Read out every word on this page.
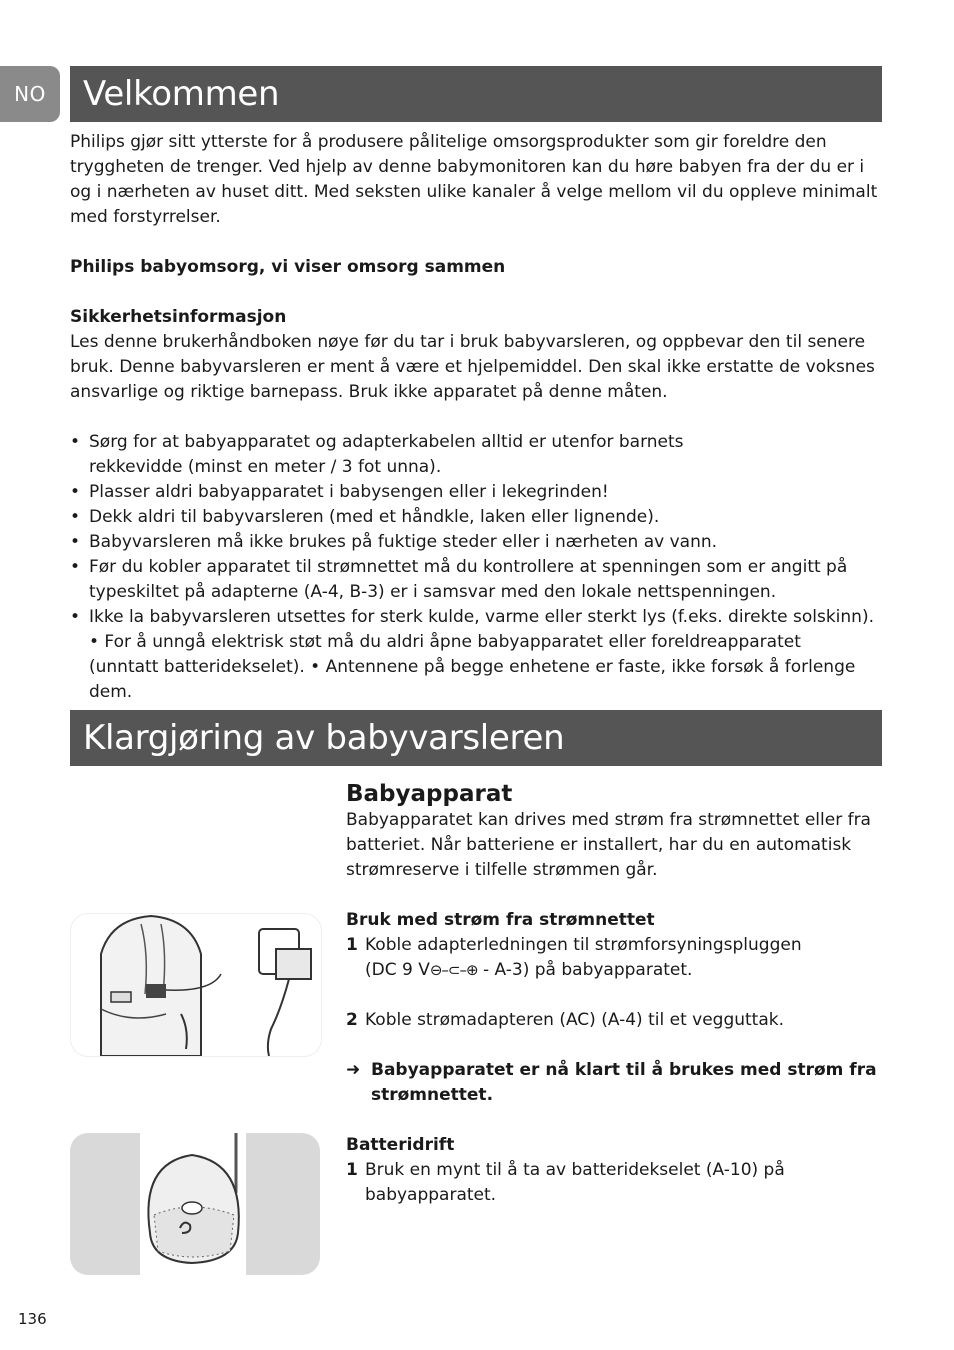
NO	Velkommen

Philips gjør sitt ytterste for å produsere pålitelige omsorgsprodukter som gir foreldre den tryggheten de trenger. Ved hjelp av denne babymonitoren kan du høre babyen fra der du er i og i nærheten av huset ditt. Med seksten ulike kanaler å velge mellom vil du oppleve minimalt med forstyrrelser.

Philips babyomsorg, vi viser omsorg sammen

Sikkerhetsinformasjon

Les denne brukerhåndboken nøye før du tar i bruk babyvarsleren, og oppbevar den til senere bruk. Denne babyvarsleren er ment å være et hjelpemiddel. Den skal ikke erstatte de voksnes ansvarlige og riktige barnepass. Bruk ikke apparatet på denne måten.

• Sørg for at babyapparatet og adapterkabelen alltid er utenfor barnets rekkevidde (minst en meter / 3 fot unna).
• Plasser aldri babyapparatet i babysengen eller i lekegrinden!
• Dekk aldri til babyvarsleren (med et håndkle, laken eller lignende).
• Babyvarsleren må ikke brukes på fuktige steder eller i nærheten av vann.
• Før du kobler apparatet til strømnettet må du kontrollere at spenningen som er angitt på typeskiltet på adapterne (A-4, B-3) er i samsvar med den lokale nettspenningen.
• Ikke la babyvarsleren utsettes for sterk kulde, varme eller sterkt lys (f.eks. direkte solskinn). • For å unngå elektrisk støt må du aldri åpne babyapparatet eller foreldreapparatet (unntatt batteridekselet). • Antennene på begge enhetene er faste, ikke forsøk å forlenge dem.
Klargjøring av babyvarsleren
Babyapparat

Babyapparatet kan drives med strøm fra strømnettet eller fra batteriet. Når batteriene er installert, har du en automatisk strømreserve i tilfelle strømmen går.

Bruk med strøm fra strømnettet

1 Koble adapterledningen til strømforsyningspluggen
(DC 9 V⊖–⊂–⊕ - A-3) på babyapparatet.
2 Koble strømadapteren (AC) (A-4) til et vegguttak.
➜ Babyapparatet er nå klart til å brukes med strøm fra strømnettet.

Batteridrift

1 Bruk en mynt til å ta av batteridekselet (A-10) på babyapparatet.
136
